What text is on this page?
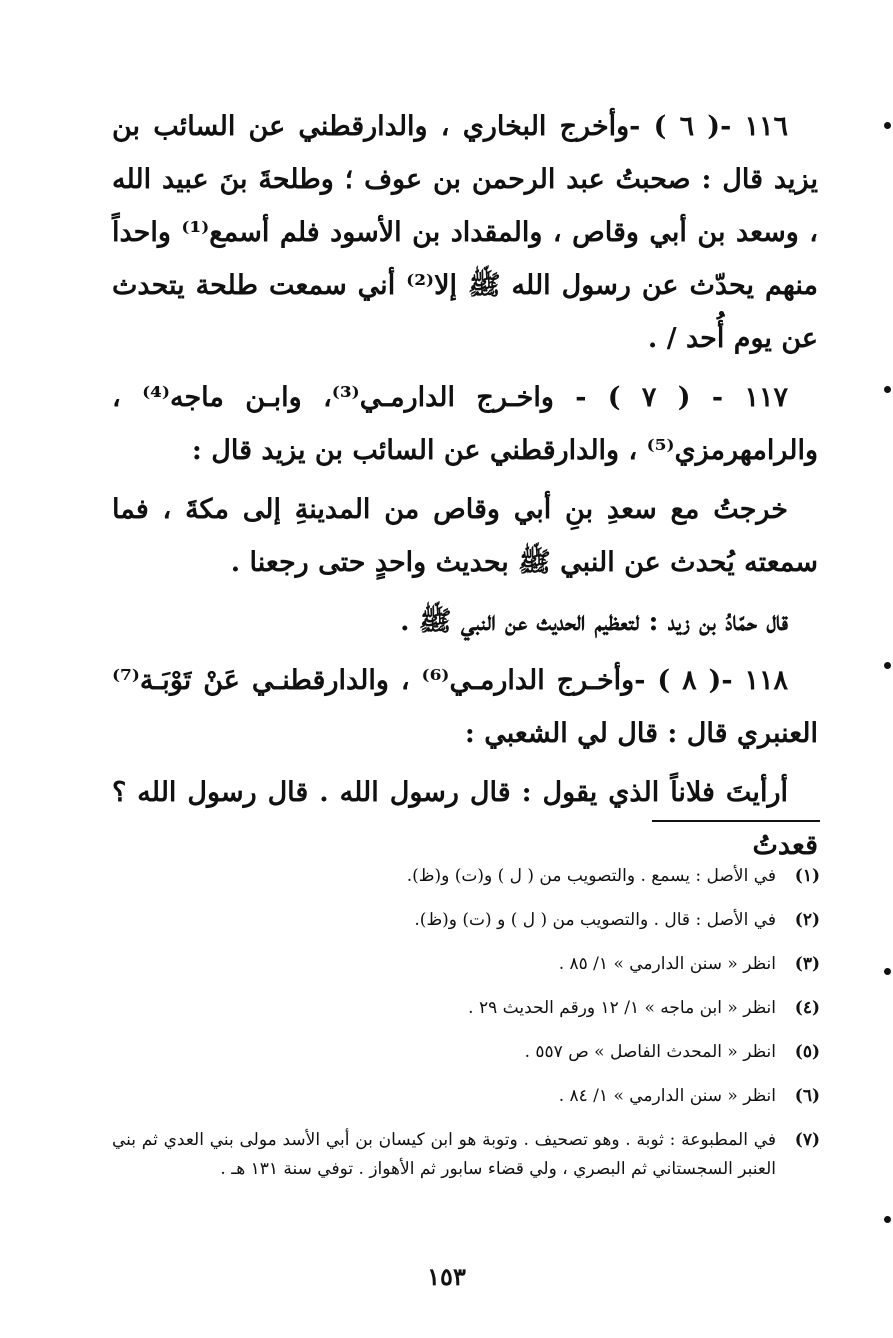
١١٦ -( ٦ ) -وأخرج البخاري ، والدارقطني عن السائب بن يزيد قال : صحبتُ عبد الرحمن بن عوف ؛ وطلحةَ بنَ عبيد الله ، وسعد بن أبي وقاص ، والمقداد بن الأسود فلم أسمع⁽¹⁾ واحداً منهم يحدّث عن رسول الله ﷺ إلا⁽²⁾ أني سمعت طلحة يتحدث عن يوم أُحد / .

١١٧ - ( ٧ ) - واخـرج الدارمـي⁽³⁾، وابـن ماجه⁽⁴⁾ ، والرامهرمزي⁽⁵⁾ ، والدارقطني عن السائب بن يزيد قال :

خرجتُ مع سعدِ بنِ أبي وقاص من المدينةِ إلى مكةَ ، فما سمعته يُحدث عن النبي ﷺ بحديث واحدٍ حتى رجعنا .

قال حمّادُ بن زيد : لتعظيم الحديث عن النبي ﷺ .

١١٨ -( ٨ ) -وأخـرج الدارمـي⁽⁶⁾ ، والدارقطنـي عَنْ تَوْبَـة⁽⁷⁾ العنبري قال : قال لي الشعبي :

أرأيتَ فلاناً الذي يقول : قال رسول الله . قال رسول الله ؟ قعدتُ

(١)
في الأصل : يسمع . والتصويب من ( ل ) و(ت) و(ظ).
(٢)
في الأصل : قال . والتصويب من ( ل ) و (ت) و(ظ).
(٣)
انظر « سنن الدارمي » ١/ ٨٥ .
(٤)
انظر « ابن ماجه » ١/ ١٢ ورقم الحديث ٢٩ .
(٥)
انظر « المحدث الفاصل » ص ٥٥٧ .
(٦)
انظر « سنن الدارمي » ١/ ٨٤ .
(٧)
في المطبوعة : ثوبة . وهو تصحيف . وتوبة هو ابن كيسان بن أبي الأسد مولى بني العدي ثم بني العنبر السجستاني ثم البصري ، ولي قضاء سابور ثم الأهواز . توفي سنة ١٣١ هـ .
١٥٣
